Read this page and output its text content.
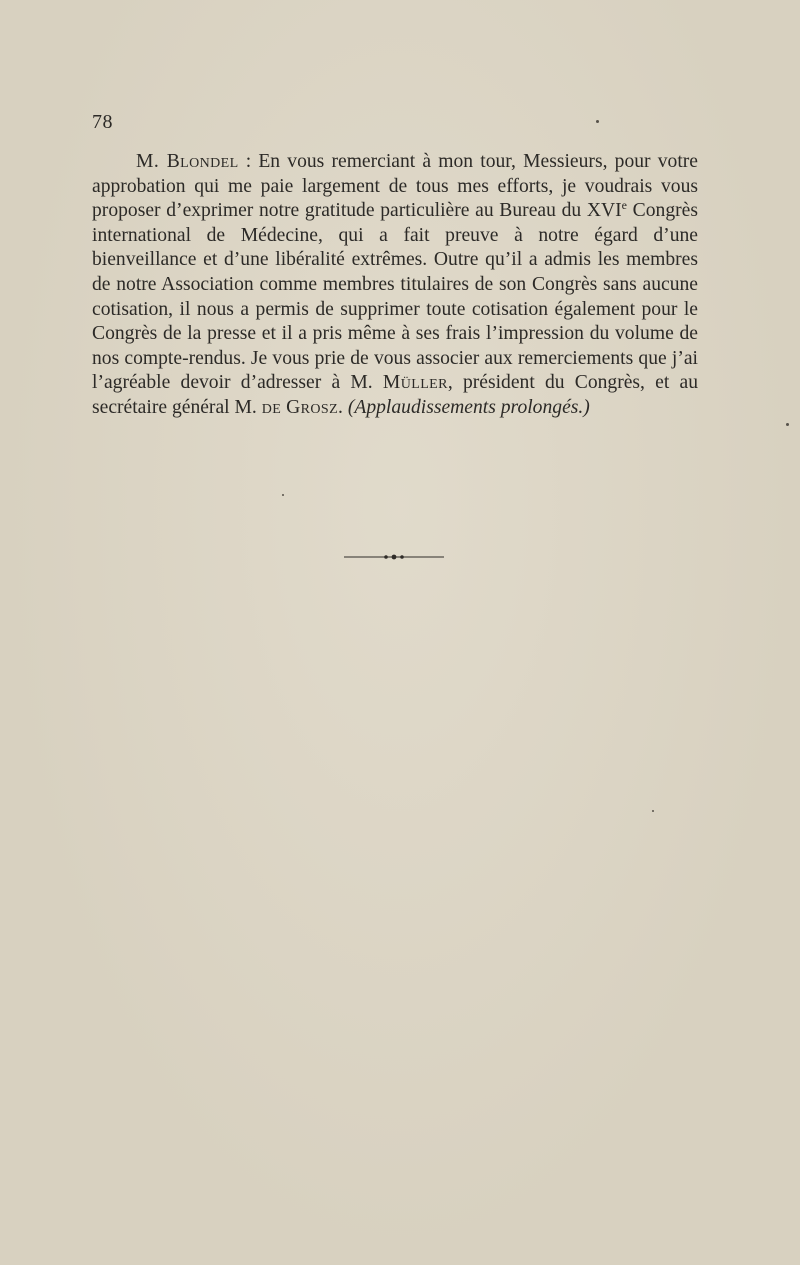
78

M. Blondel : En vous remerciant à mon tour, Messieurs, pour votre approbation qui me paie largement de tous mes efforts, je voudrais vous proposer d’exprimer notre gratitude particulière au Bureau du XVIe Congrès international de Médecine, qui a fait preuve à notre égard d’une bienveillance et d’une libéralité extrêmes. Outre qu’il a admis les membres de notre Association comme membres titulaires de son Congrès sans aucune cotisation, il nous a permis de supprimer toute cotisation également pour le Congrès de la presse et il a pris même à ses frais l’impression du volume de nos compte-rendus. Je vous prie de vous associer aux remerciements que j’ai l’agréable devoir d’adresser à M. Müller, président du Congrès, et au secrétaire général M. de Grosz. (Applaudissements prolongés.)
